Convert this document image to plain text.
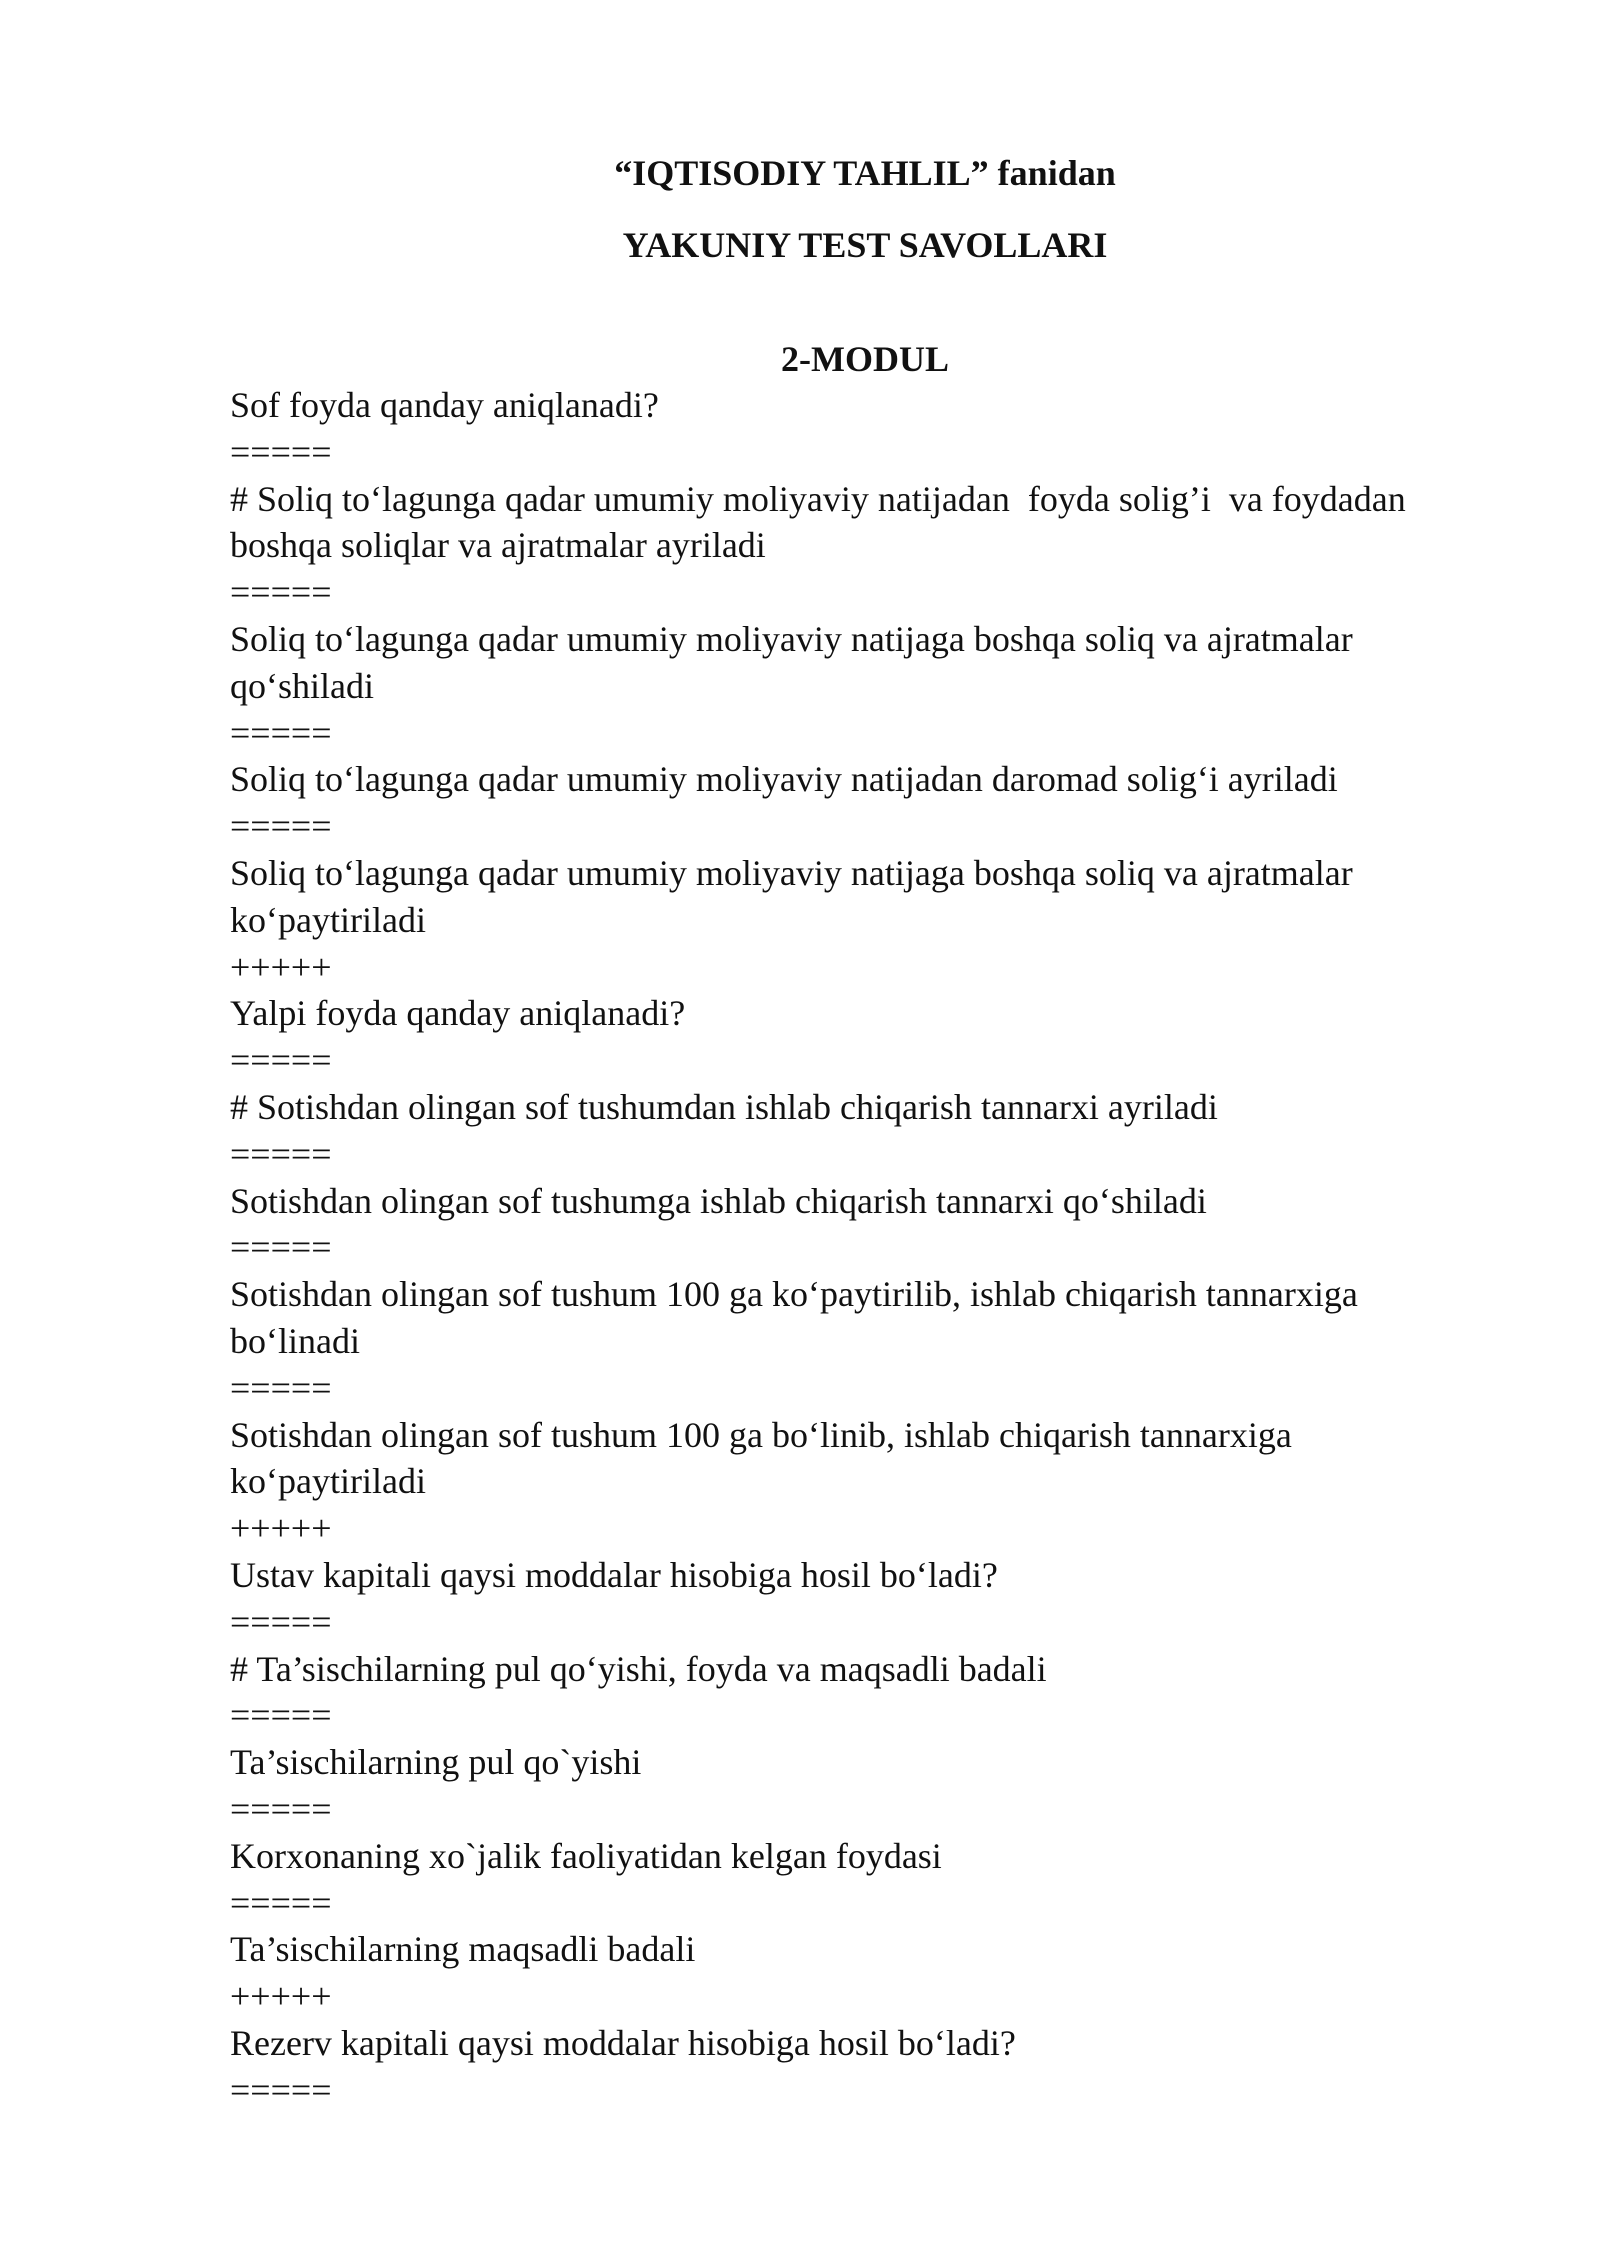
“IQTISODIY TAHLIL” fanidan
YAKUNIY TEST SAVOLLARI
2-MODUL
Sof foyda qanday aniqlanadi?
=====
# Soliq to‘lagunga qadar umumiy moliyaviy natijadan  foyda solig’i  va foydadan
boshqa soliqlar va ajratmalar ayriladi
=====
Soliq to‘lagunga qadar umumiy moliyaviy natijaga boshqa soliq va ajratmalar
qo‘shiladi
=====
Soliq to‘lagunga qadar umumiy moliyaviy natijadan daromad solig‘i ayriladi
=====
Soliq to‘lagunga qadar umumiy moliyaviy natijaga boshqa soliq va ajratmalar
ko‘paytiriladi
+++++
Yalpi foyda qanday aniqlanadi?
=====
# Sotishdan olingan sof tushumdan ishlab chiqarish tannarxi ayriladi
=====
Sotishdan olingan sof tushumga ishlab chiqarish tannarxi qo‘shiladi
=====
Sotishdan olingan sof tushum 100 ga ko‘paytirilib, ishlab chiqarish tannarxiga
bo‘linadi
=====
Sotishdan olingan sof tushum 100 ga bo‘linib, ishlab chiqarish tannarxiga
ko‘paytiriladi
+++++
Ustav kapitali qaysi moddalar hisobiga hosil bo‘ladi?
=====
# Ta’sischilarning pul qo‘yishi, foyda va maqsadli badali
=====
Ta’sischilarning pul qo`yishi
=====
Korxonaning xo`jalik faoliyatidan kelgan foydasi
=====
Ta’sischilarning maqsadli badali
+++++
Rezerv kapitali qaysi moddalar hisobiga hosil bo‘ladi?
=====
